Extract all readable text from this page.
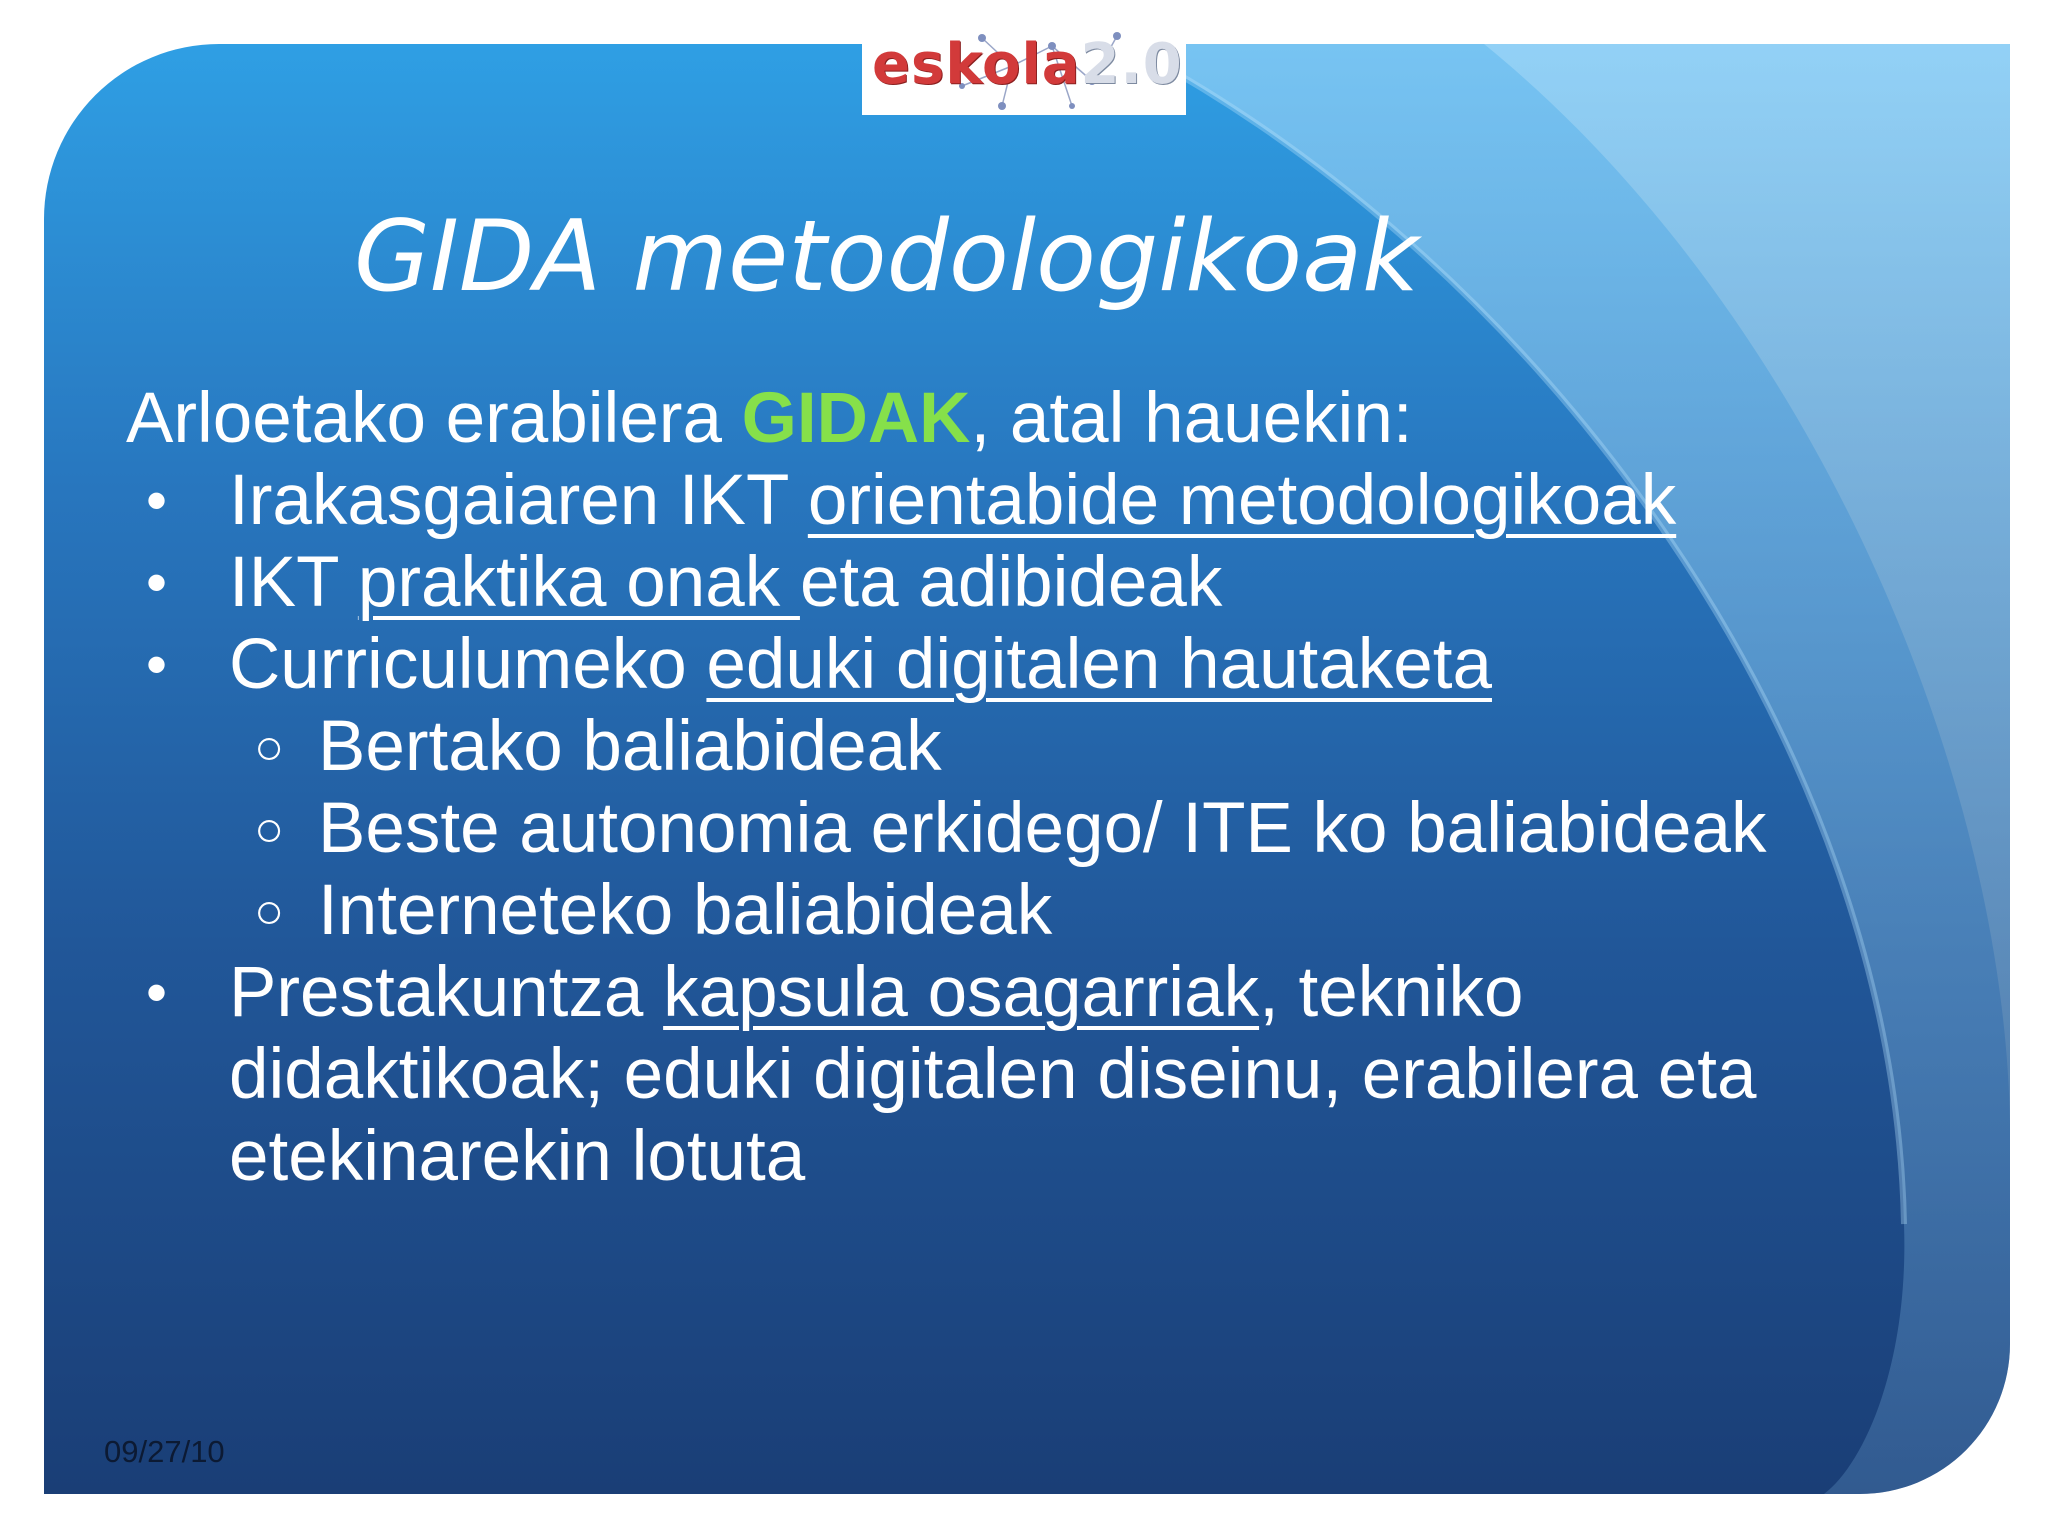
eskola2.0
GIDA metodologikoak
Arloetako erabilera GIDAK, atal hauekin:
• Irakasgaiaren IKT orientabide metodologikoak
• IKT praktika onak eta adibideak
• Curriculumeko eduki digitalen hautaketa
○ Bertako baliabideak
○ Beste autonomia erkidego/ ITE ko baliabideak
○ Interneteko baliabideak
• Prestakuntza kapsula osagarriak, tekniko didaktikoak; eduki digitalen diseinu, erabilera eta etekinarekin lotuta
09/27/10
